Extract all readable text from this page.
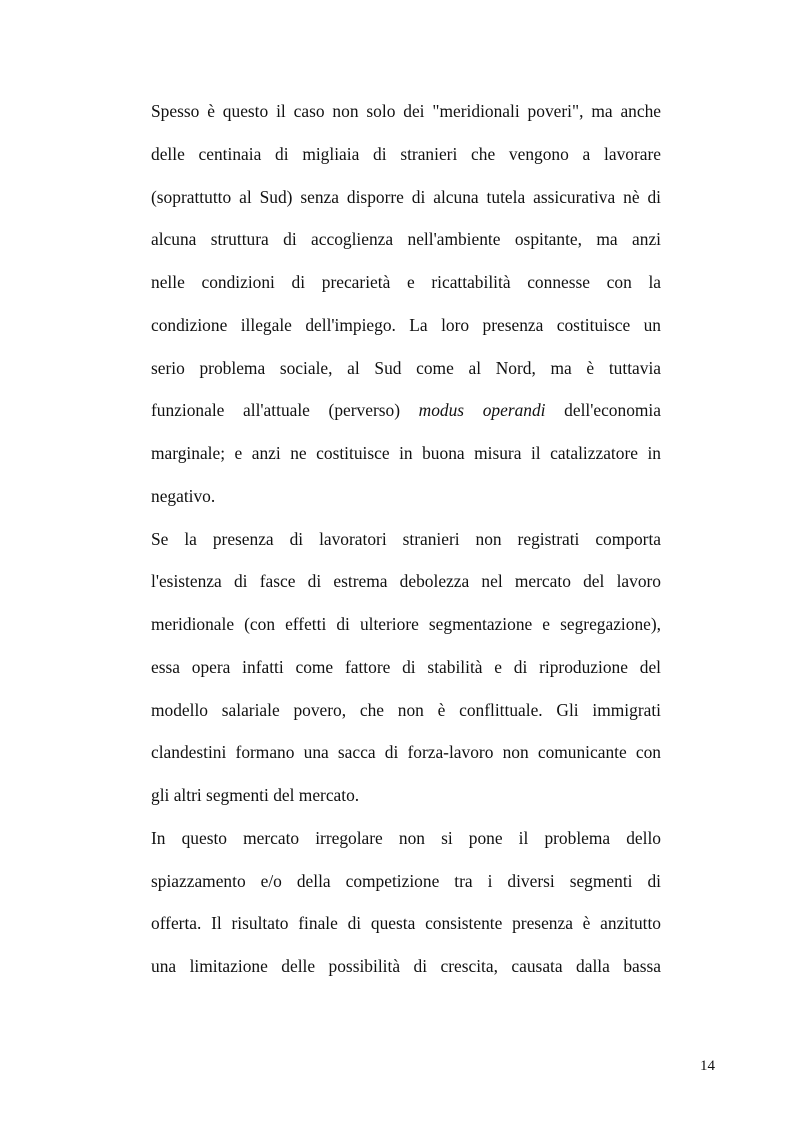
Spesso è questo il caso non solo dei "meridionali poveri", ma anche
delle centinaia di migliaia di stranieri che vengono a lavorare
(soprattutto al Sud) senza disporre di alcuna tutela assicurativa nè di
alcuna struttura di accoglienza nell'ambiente ospitante, ma anzi
nelle condizioni di precarietà e ricattabilità connesse con la
condizione illegale dell'impiego. La loro presenza costituisce un
serio problema sociale, al Sud come al Nord, ma è tuttavia
funzionale all'attuale (perverso) modus operandi dell'economia
marginale; e anzi ne costituisce in buona misura il catalizzatore in
negativo.
Se la presenza di lavoratori stranieri non registrati comporta
l'esistenza di fasce di estrema debolezza nel mercato del lavoro
meridionale (con effetti di ulteriore segmentazione e segregazione),
essa opera infatti come fattore di stabilità e di riproduzione del
modello salariale povero, che non è conflittuale. Gli immigrati
clandestini formano una sacca di forza-lavoro non comunicante con
gli altri segmenti del mercato.
In questo mercato irregolare non si pone il problema dello
spiazzamento e/o della competizione tra i diversi segmenti di
offerta. Il risultato finale di questa consistente presenza è anzitutto
una limitazione delle possibilità di crescita, causata dalla bassa
14
